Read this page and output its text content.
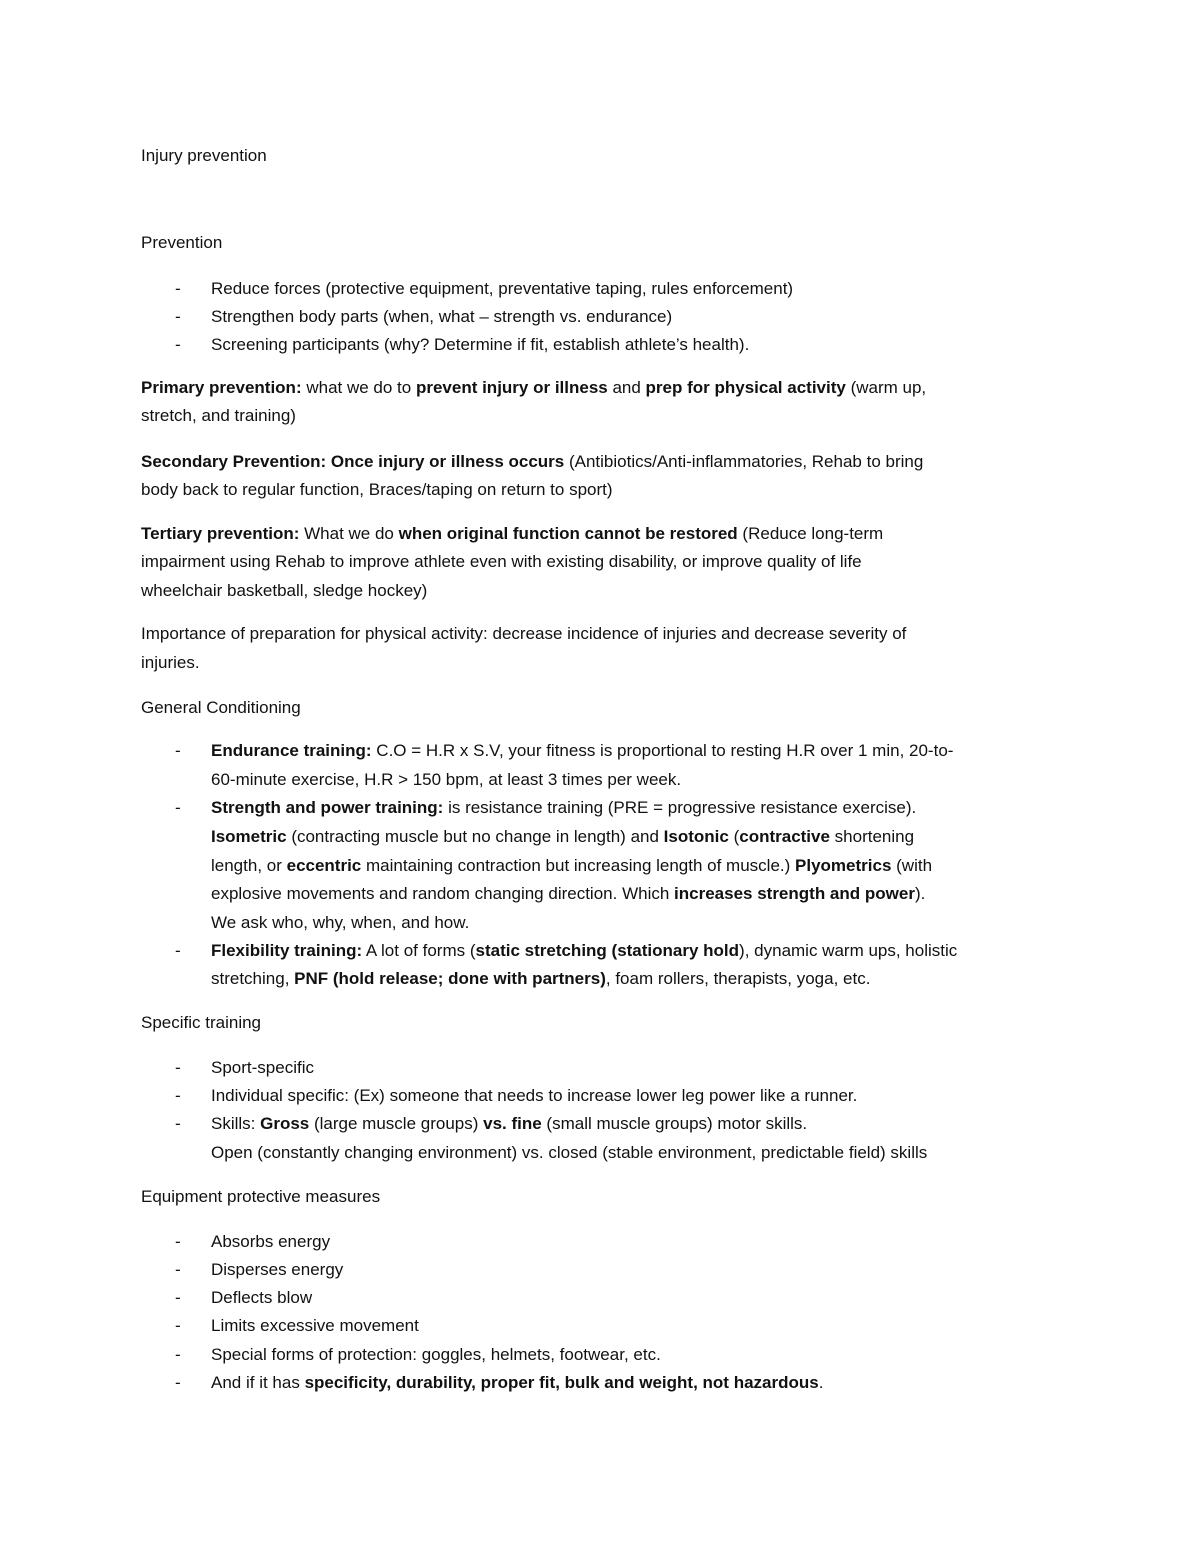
Injury prevention
Prevention
- Reduce forces (protective equipment, preventative taping, rules enforcement)
- Strengthen body parts (when, what – strength vs. endurance)
- Screening participants (why? Determine if fit, establish athlete’s health).
Primary prevention: what we do to prevent injury or illness and prep for physical activity (warm up,
stretch, and training)
Secondary Prevention: Once injury or illness occurs (Antibiotics/Anti-inflammatories, Rehab to bring
body back to regular function, Braces/taping on return to sport)
Tertiary prevention: What we do when original function cannot be restored (Reduce long-term
impairment using Rehab to improve athlete even with existing disability, or improve quality of life
wheelchair basketball, sledge hockey)
Importance of preparation for physical activity: decrease incidence of injuries and decrease severity of
injuries.
General Conditioning
- Endurance training: C.O = H.R x S.V, your fitness is proportional to resting H.R over 1 min, 20-to-
60-minute exercise, H.R > 150 bpm, at least 3 times per week.
- Strength and power training: is resistance training (PRE = progressive resistance exercise).
Isometric (contracting muscle but no change in length) and Isotonic (contractive shortening
length, or eccentric maintaining contraction but increasing length of muscle.) Plyometrics (with
explosive movements and random changing direction. Which increases strength and power).
We ask who, why, when, and how.
- Flexibility training: A lot of forms (static stretching (stationary hold), dynamic warm ups, holistic
stretching, PNF (hold release; done with partners), foam rollers, therapists, yoga, etc.
Specific training
- Sport-specific
- Individual specific: (Ex) someone that needs to increase lower leg power like a runner.
- Skills: Gross (large muscle groups) vs. fine (small muscle groups) motor skills.
Open (constantly changing environment) vs. closed (stable environment, predictable field) skills
Equipment protective measures
- Absorbs energy
- Disperses energy
- Deflects blow
- Limits excessive movement
- Special forms of protection: goggles, helmets, footwear, etc.
- And if it has specificity, durability, proper fit, bulk and weight, not hazardous.
